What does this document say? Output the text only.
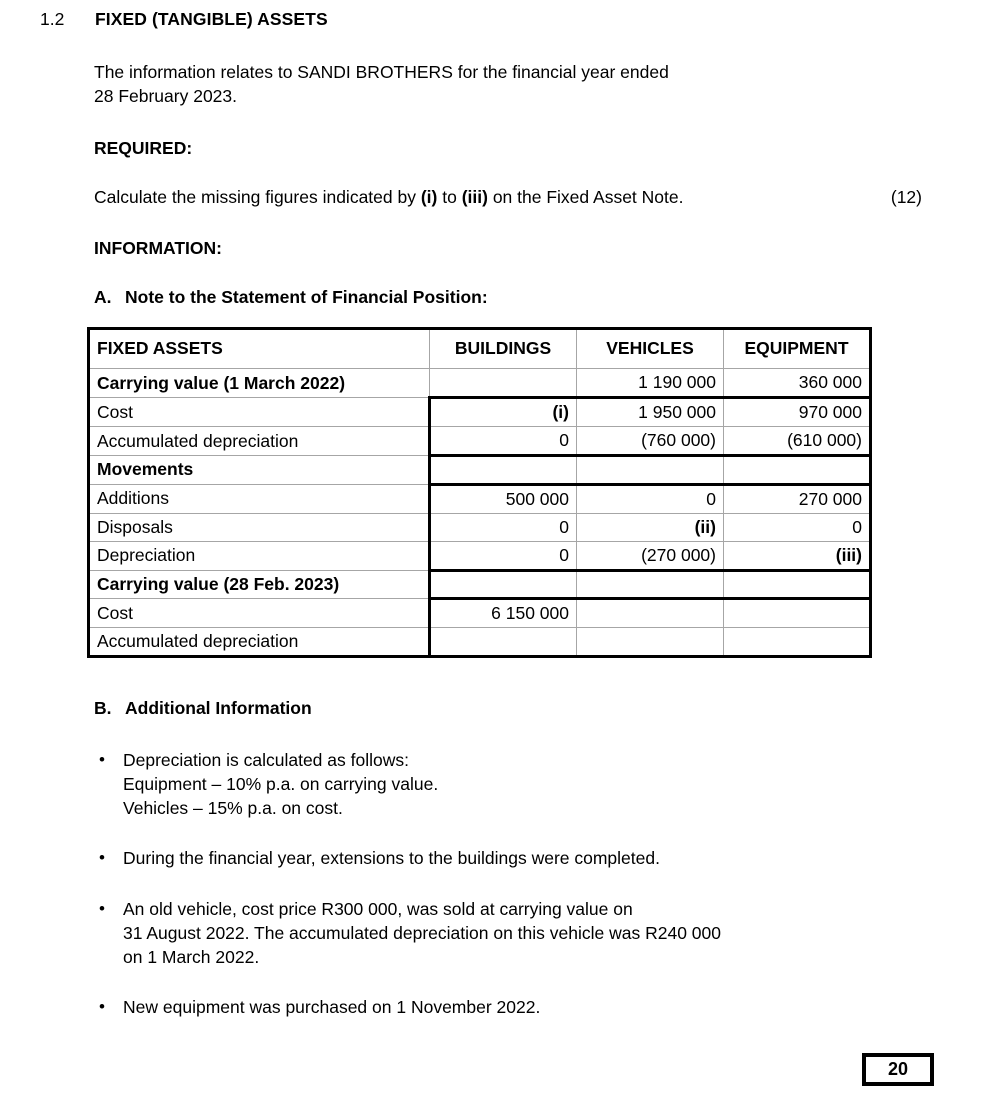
1.2	FIXED (TANGIBLE) ASSETS
The information relates to SANDI BROTHERS for the financial year ended
28 February 2023.
REQUIRED:
Calculate the missing figures indicated by (i) to (iii) on the Fixed Asset Note.	(12)
INFORMATION:
A. Note to the Statement of Financial Position:
FIXED ASSETS	BUILDINGS	VEHICLES	EQUIPMENT
Carrying value (1 March 2022)		1 190 000	360 000
Cost	(i)	1 950 000	970 000
Accumulated depreciation	0	(760 000)	(610 000)
Movements			
Additions	500 000	0	270 000
Disposals	0	(ii)	0
Depreciation	0	(270 000)	(iii)
Carrying value (28 Feb. 2023)			
Cost	6 150 000		
Accumulated depreciation			
B. Additional Information
•	Depreciation is calculated as follows:
Equipment – 10% p.a. on carrying value.
Vehicles – 15% p.a. on cost.
•	During the financial year, extensions to the buildings were completed.
•	An old vehicle, cost price R300 000, was sold at carrying value on
31 August 2022. The accumulated depreciation on this vehicle was R240 000
on 1 March 2022.
•	New equipment was purchased on 1 November 2022.
20
